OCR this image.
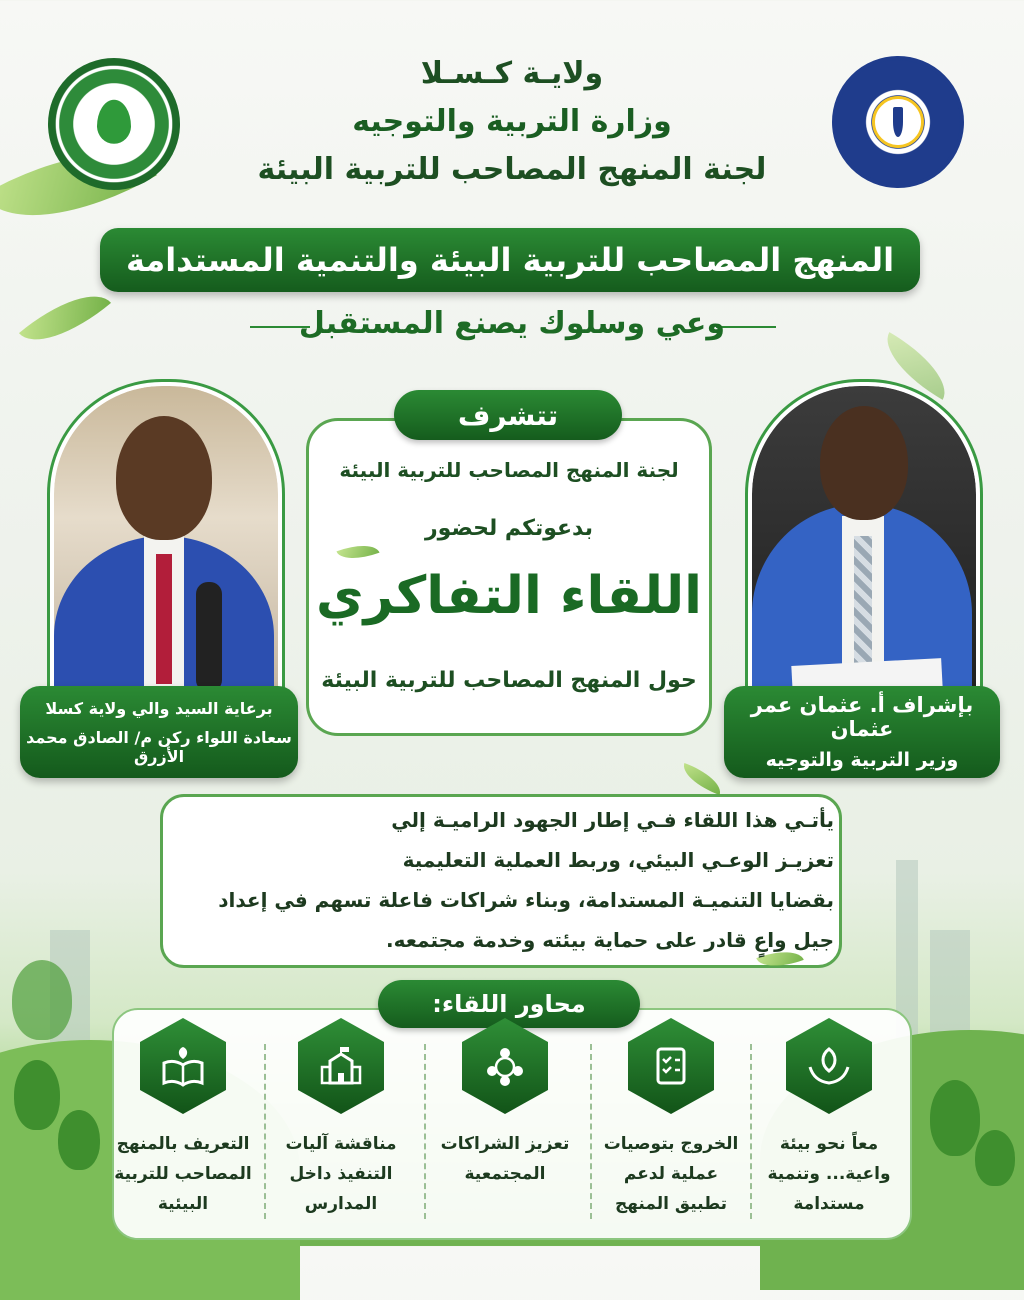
ولايـة كـسـلا
وزارة التربية والتوجيه
لجنة المنهج المصاحب للتربية البيئة
المنهج المصاحب للتربية البيئة والتنمية المستدامة
وعي وسلوك يصنع المستقبل
برعاية السيد والي ولاية كسلا
سعادة اللواء ركن م/ الصادق محمد الأزرق
بإشراف أ. عثمان عمر عثمان
وزير التربية والتوجيه
تتشرف
لجنة المنهج المصاحب للتربية البيئة
بدعوتكم لحضور
اللقاء التفاكري
حول المنهج المصاحب للتربية البيئة
يأتـي هذا اللقاء فـي إطار الجهود الراميـة إلي
تعزيـز الوعـي البيئي، وربط العملية التعليمية
بقضايا التنميـة المستدامة، وبناء شراكات فاعلة تسهم في إعداد
جيل واعٍ قادر على حماية بيئته وخدمة مجتمعه.
محاور اللقاء:
معاً نحو بيئة
واعية... وتنمية
مستدامة
الخروج بتوصيات
عملية لدعم
تطبيق المنهج
تعزيز الشراكات
المجتمعية
مناقشة آليات
التنفيذ داخل
المدارس
التعريف بالمنهج
المصاحب للتربية
البيئية
